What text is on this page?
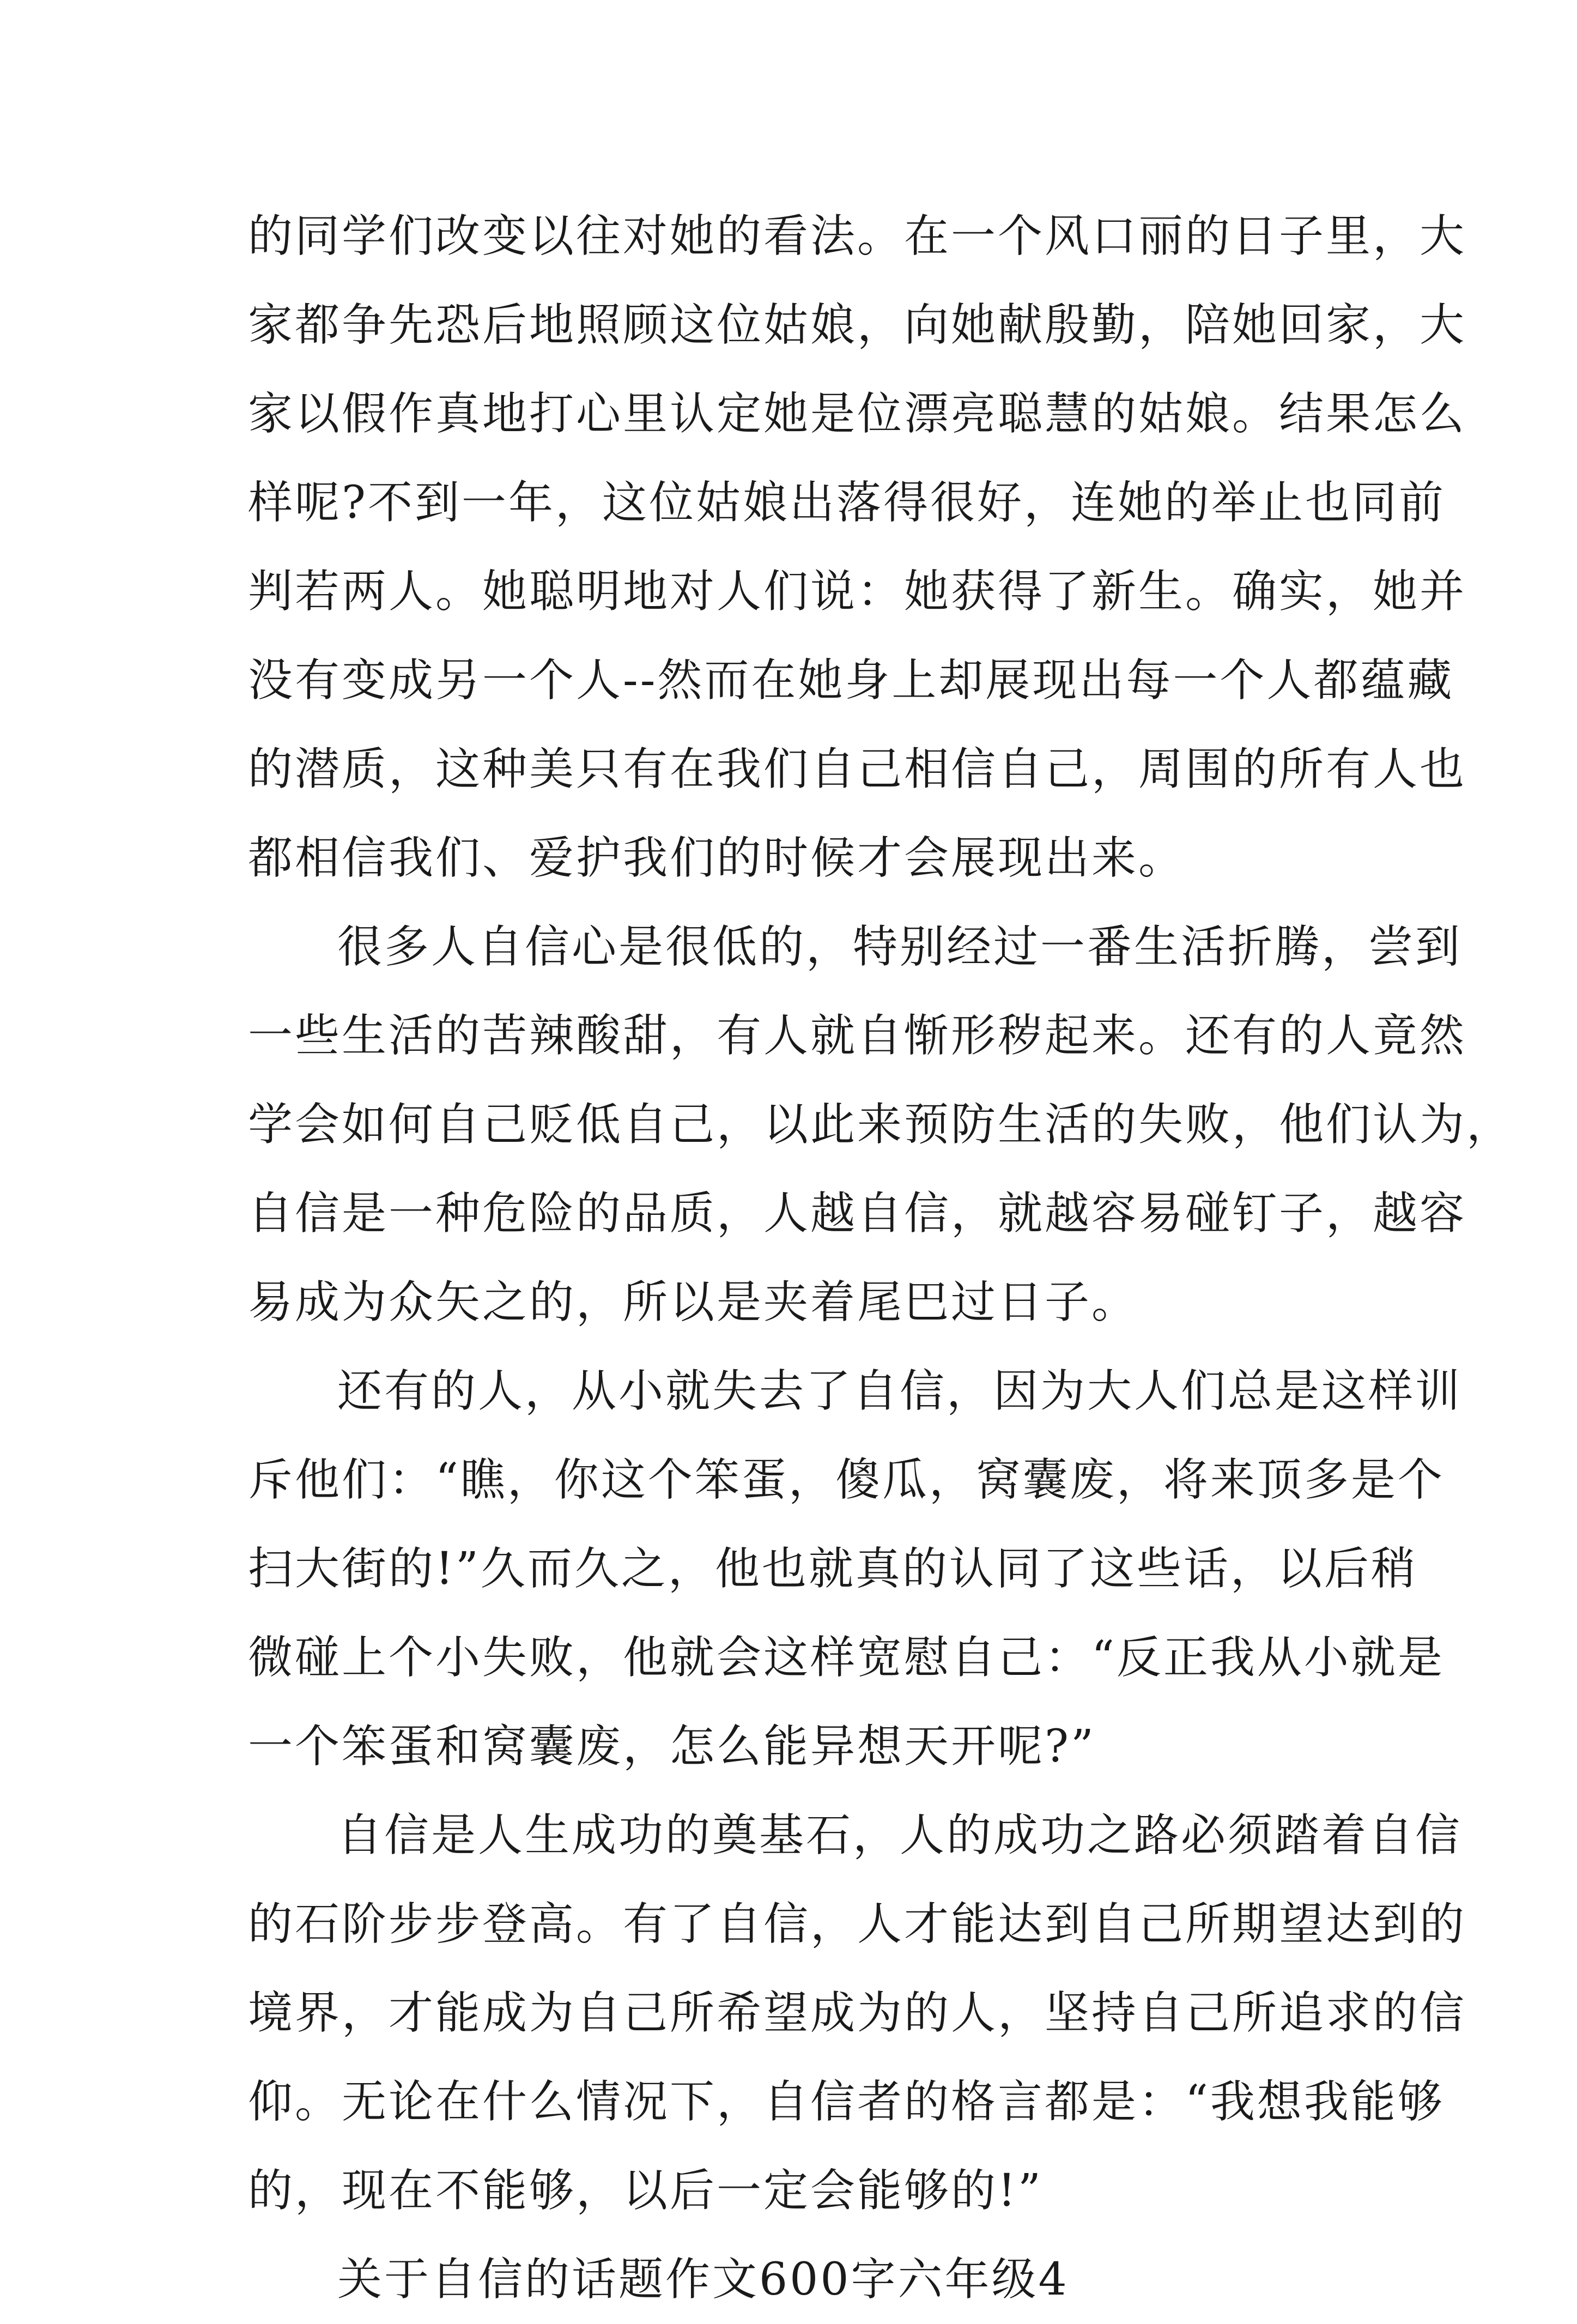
的同学们改变以往对她的看法。在一个风口丽的日子里，大
家都争先恐后地照顾这位姑娘，向她献殷勤，陪她回家，大
家以假作真地打心里认定她是位漂亮聪慧的姑娘。结果怎么
样呢?不到一年，这位姑娘出落得很好，连她的举止也同前
判若两人。她聪明地对人们说：她获得了新生。确实，她并
没有变成另一个人--然而在她身上却展现出每一个人都蕴藏
的潜质，这种美只有在我们自己相信自己，周围的所有人也
都相信我们、爱护我们的时候才会展现出来。
很多人自信心是很低的，特别经过一番生活折腾，尝到
一些生活的苦辣酸甜，有人就自惭形秽起来。还有的人竟然
学会如何自己贬低自己，以此来预防生活的失败，他们认为，
自信是一种危险的品质，人越自信，就越容易碰钉子，越容
易成为众矢之的，所以是夹着尾巴过日子。
还有的人，从小就失去了自信，因为大人们总是这样训
斥他们：“瞧，你这个笨蛋，傻瓜，窝囊废，将来顶多是个
扫大街的!”久而久之，他也就真的认同了这些话，以后稍
微碰上个小失败，他就会这样宽慰自己：“反正我从小就是
一个笨蛋和窝囊废，怎么能异想天开呢?”
自信是人生成功的奠基石，人的成功之路必须踏着自信
的石阶步步登高。有了自信，人才能达到自己所期望达到的
境界，才能成为自己所希望成为的人，坚持自己所追求的信
仰。无论在什么情况下，自信者的格言都是：“我想我能够
的，现在不能够，以后一定会能够的!”
关于自信的话题作文600字六年级4
